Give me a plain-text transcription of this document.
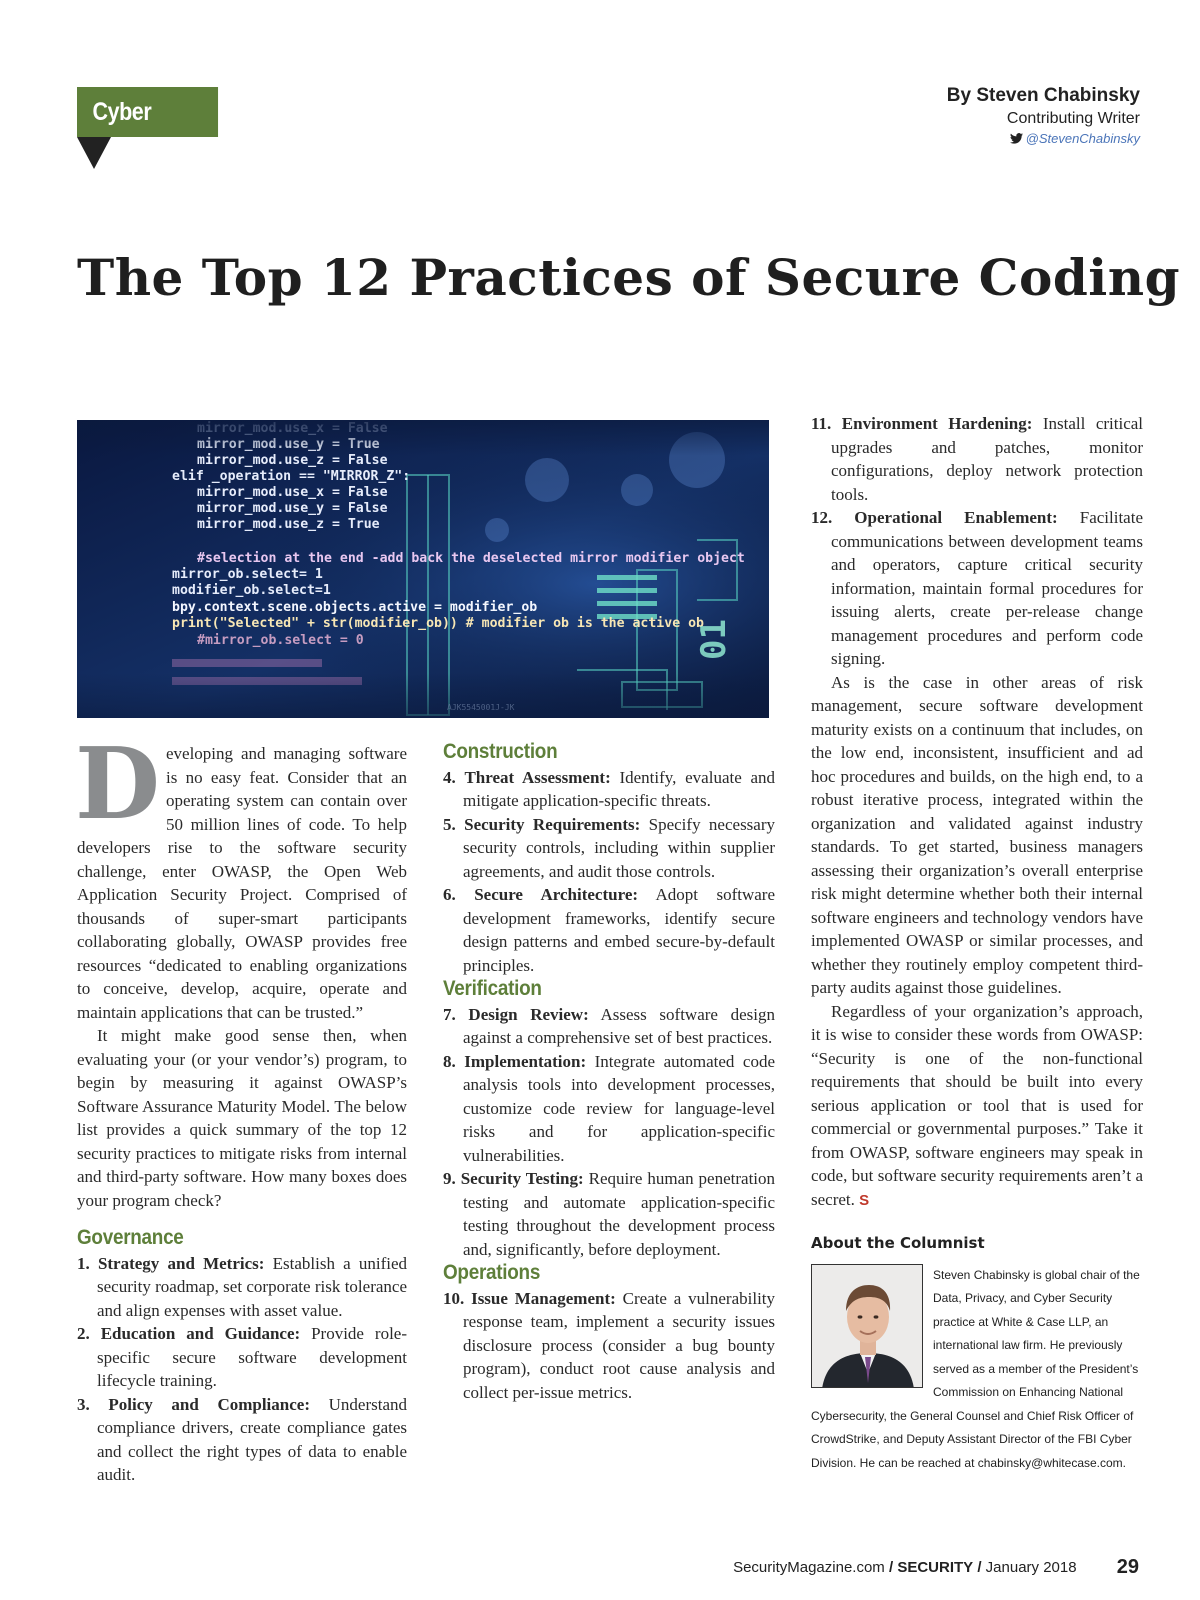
Cyber Tactics
By Steven Chabinsky
Contributing Writer
@StevenChabinsky
The Top 12 Practices of Secure Coding

Developing and managing software is no easy feat. Consider that an operating system can contain over 50 million lines of code. To help developers rise to the software security challenge, enter OWASP, the Open Web Application Security Project. Comprised of thousands of super-smart participants collaborating globally, OWASP provides free resources “dedicated to enabling organizations to conceive, develop, acquire, operate and maintain applications that can be trusted.”

It might make good sense then, when evaluating your (or your vendor’s) program, to begin by measuring it against OWASP’s Software Assurance Maturity Model. The below list provides a quick summary of the top 12 security practices to mitigate risks from internal and third-party software. How many boxes does your program check?

Governance
1. Strategy and Metrics: Establish a unified security roadmap, set corporate risk tolerance and align expenses with asset value.
2. Education and Guidance: Provide role-specific secure software development lifecycle training.
3. Policy and Compliance: Understand compliance drivers, create compliance gates and collect the right types of data to enable audit.
Construction
4. Threat Assessment: Identify, evaluate and mitigate application-specific threats.
5. Security Requirements: Specify necessary security controls, including within supplier agreements, and audit those controls.
6. Secure Architecture: Adopt software development frameworks, identify secure design patterns and embed secure-by-default principles.
Verification
7. Design Review: Assess software design against a comprehensive set of best practices.
8. Implementation: Integrate automated code analysis tools into development processes, customize code review for language-level risks and for application-specific vulnerabilities.
9. Security Testing: Require human penetration testing and automate application-specific testing throughout the development process and, significantly, before deployment.
Operations
10. Issue Management: Create a vulnerability response team, implement a security issues disclosure process (consider a bug bounty program), conduct root cause analysis and collect per-issue metrics.
11. Environment Hardening: Install critical upgrades and patches, monitor configurations, deploy network protection tools.
12. Operational Enablement: Facilitate communications between development teams and operators, capture critical security information, maintain formal procedures for issuing alerts, create per-release change management procedures and perform code signing.

As is the case in other areas of risk management, secure software development maturity exists on a continuum that includes, on the low end, inconsistent, insufficient and ad hoc procedures and builds, on the high end, to a robust iterative process, integrated within the organization and validated against industry standards. To get started, business managers assessing their organization’s overall enterprise risk might determine whether both their internal software engineers and technology vendors have implemented OWASP or similar processes, and whether they routinely employ competent third-party audits against those guidelines.

Regardless of your organization’s approach, it is wise to consider these words from OWASP: “Security is one of the non-functional requirements that should be built into every serious application or tool that is used for commercial or governmental purposes.” Take it from OWASP, software engineers may speak in code, but software security requirements aren’t a secret. S

About the Columnist
Steven Chabinsky is global chair of the Data, Privacy, and Cyber Security practice at White & Case LLP, an international law firm. He previously served as a member of the President’s Commission on Enhancing National Cybersecurity, the General Counsel and Chief Risk Officer of CrowdStrike, and Deputy Assistant Director of the FBI Cyber Division. He can be reached at chabinsky@whitecase.com.
SecurityMagazine.com / SECURITY / January 2018 29
